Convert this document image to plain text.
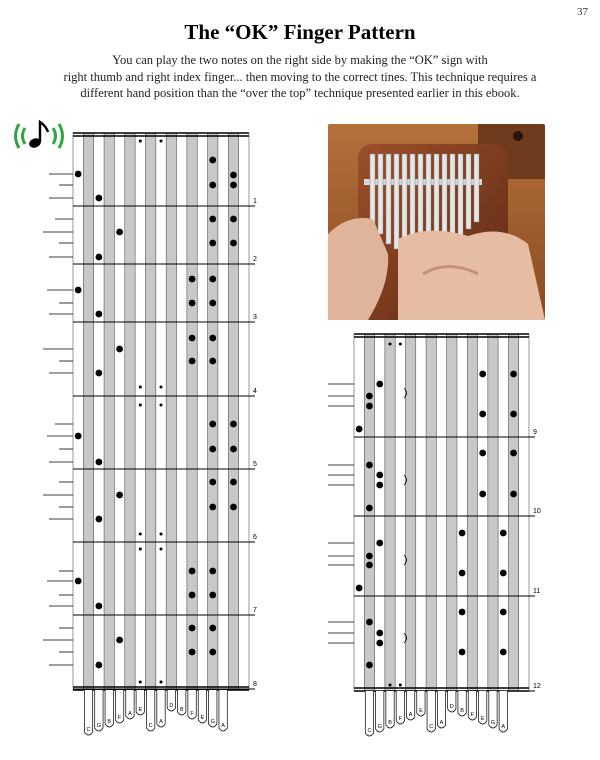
37
The “OK” Finger Pattern
You can play the two notes on the right side by making the “OK” sign with
right thumb and right index finger... then moving to the correct tines. This technique requires a
different hand position than the “over the top” technique presented earlier in this ebook.
1
2
3
4
5
6
7
8
C
G
B
F
A
E
C
A
D
B
F
E
G
A
9
10
11
12
C
G
B
F
A
E
C
A
D
B
F
E
G
A
